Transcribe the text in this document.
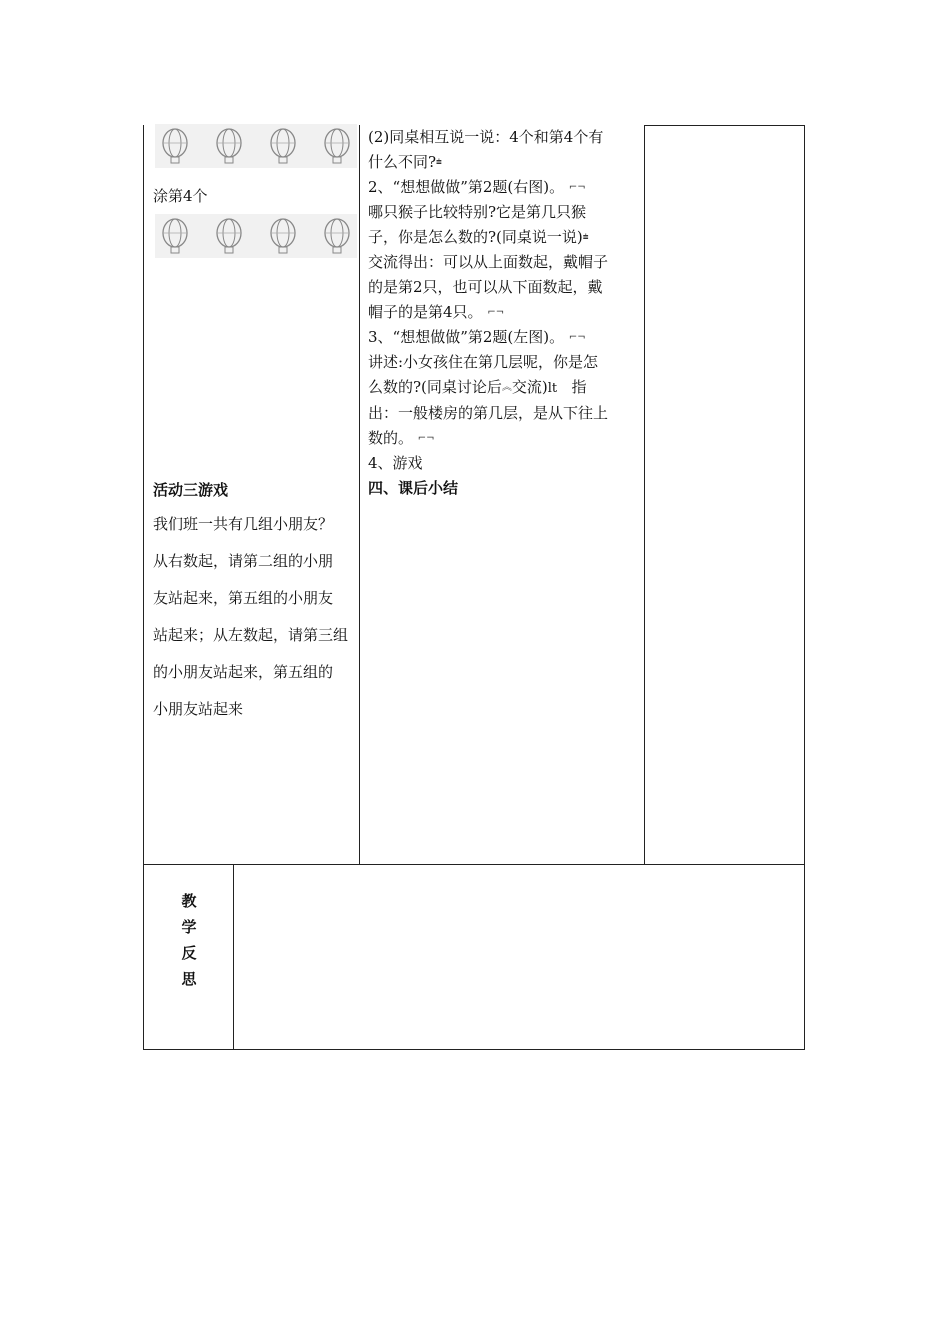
涂第4个
活动三游戏
我们班一共有几组小朋友？
从右数起，请第二组的小朋
友站起来，第五组的小朋友
站起来；从左数起，请第三组
的小朋友站起来，第五组的
小朋友站起来

(2)同桌相互说一说：4个和第4个有

什么不同?⩧

2、“想想做做”第2题(右图)。 ⌐¬

哪只猴子比较特别?它是第几只猴

子，你是怎么数的?(同桌说一说)⩧

交流得出：可以从上面数起，戴帽子

的是第2只，也可以从下面数起，戴

帽子的是第4只。 ⌐¬

3、“想想做做”第2题(左图)。 ⌐¬

讲述:小女孩住在第几层呢，你是怎

么数的?(同桌讨论后︽交流)lt 指

出：一般楼房的第几层，是从下往上

数的。 ⌐¬

4、游戏

四、课后小结

教
学
反
思
